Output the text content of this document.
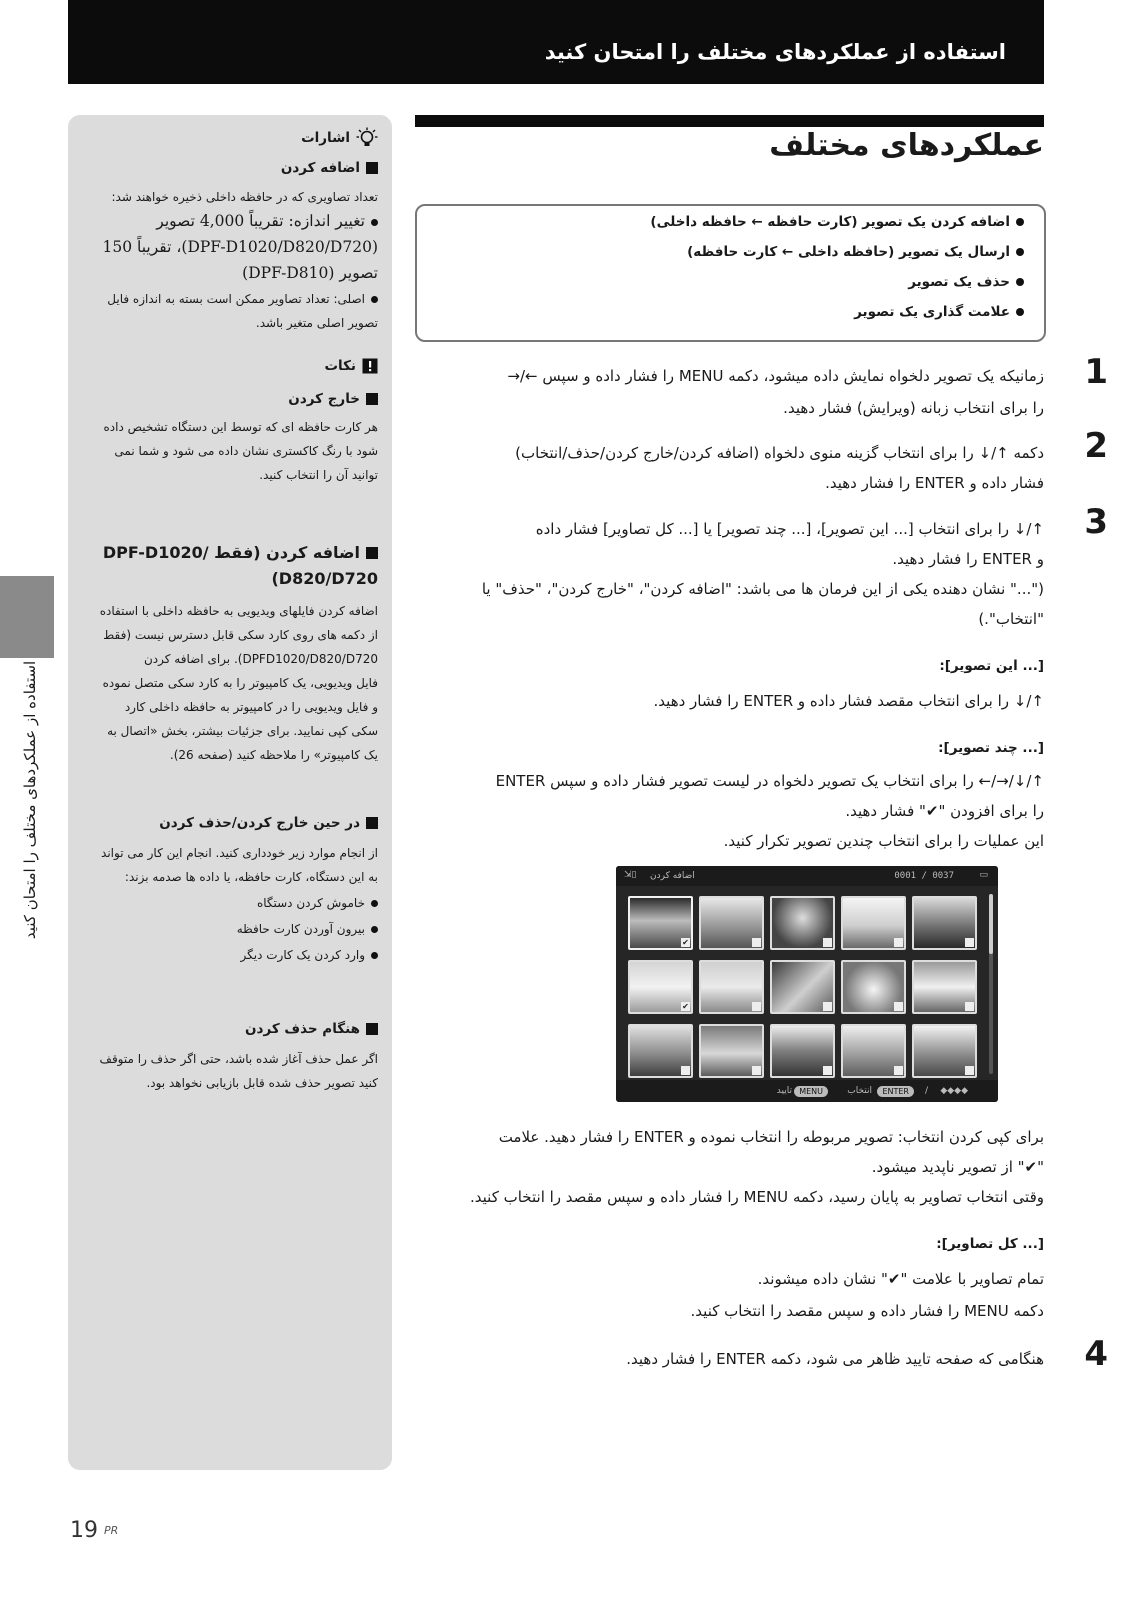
استفاده از عملکردهای مختلف را امتحان کنید
استفاده از عملکردهای مختلف را امتحان کنید
اشارات
اضافه کردن
تعداد تصاویری که در حافظه داخلی ذخیره خواهند شد:
تغییر اندازه: تقریباً 4,000 تصویر
(DPF-D1020/D820/D720)، تقریباً 150
تصویر (DPF-D810)
اصلی: تعداد تصاویر ممکن است بسته به اندازه فایل
تصویر اصلی متغیر باشد.
نکات
خارج کردن
هر کارت حافظه ای که توسط این دستگاه تشخیص داده
شود با رنگ کاکستری نشان داده می شود و شما نمی
توانید آن را انتخاب کنید.
اضافه کردن (فقط /DPF-D1020
D820/D720)
اضافه کردن فایلهای ویدیویی به حافظه داخلی با استفاده
از دکمه های روی کارد سکی قابل دسترس نیست (فقط
DPFD1020/D820/D720). برای اضافه کردن
فایل ویدیویی، یک کامپیوتر را به کارد سکی متصل نموده
و فایل ویدیویی را در کامپیوتر به حافظه داخلی کارد
سکی کپی نمایید. برای جزئیات بیشتر، بخش «اتصال به
یک کامپیوتر» را ملاحظه کنید (صفحه 26).
در حین خارج کردن/حذف کردن
از انجام موارد زیر خودداری کنید. انجام این کار می تواند
به این دستگاه، کارت حافظه، یا داده ها صدمه بزند:
خاموش کردن دستگاه
بیرون آوردن کارت حافظه
وارد کردن یک کارت دیگر
هنگام حذف کردن
اگر عمل حذف آغاز شده باشد، حتی اگر حذف را متوقف
کنید تصویر حذف شده قابل بازیابی نخواهد بود.
عملکردهای مختلف
اضافه کردن یک تصویر (کارت حافظه ← حافظه داخلی)
ارسال یک تصویر (حافظه داخلی ← کارت حافظه)
حذف یک تصویر
علامت گذاری یک تصویر
1
زمانیکه یک تصویر دلخواه نمایش داده میشود، دکمه MENU را فشار داده و سپس ←/→
را برای انتخاب زبانه (ویرایش) فشار دهید.
2
دکمه ↑/↓ را برای انتخاب گزینه منوی دلخواه (اضافه کردن/خارج کردن/حذف/انتخاب)
فشار داده و ENTER را فشار دهید.
3
↑/↓ را برای انتخاب [... این تصویر]، [... چند تصویر] یا [... کل تصاویر] فشار داده
و ENTER را فشار دهید.
("..." نشان دهنده یکی از این فرمان ها می باشد: "اضافه کردن"، "خارج کردن"، "حذف" یا
"انتخاب".)
[... این تصویر]:
↑/↓ را برای انتخاب مقصد فشار داده و ENTER را فشار دهید.
[... چند تصویر]:
↑/↓/→/← را برای انتخاب یک تصویر دلخواه در لیست تصویر فشار داده و سپس ENTER
را برای افزودن "✔" فشار دهید.
این عملیات را برای انتخاب چندین تصویر تکرار کنید.
⇲▯ اضافه کردن	0001 / 0037	▭
✔
✔
◆◆◆◆
/
ENTER
انتخاب
MENU
تایید
برای کپی کردن انتخاب: تصویر مربوطه را انتخاب نموده و ENTER را فشار دهید. علامت
"✔" از تصویر ناپدید میشود.
وقتی انتخاب تصاویر به پایان رسید، دکمه MENU را فشار داده و سپس مقصد را انتخاب کنید.
[... کل تصاویر]:
تمام تصاویر با علامت "✔" نشان داده میشوند.
دکمه MENU را فشار داده و سپس مقصد را انتخاب کنید.
4
هنگامی که صفحه تایید ظاهر می شود، دکمه ENTER را فشار دهید.
19 PR
